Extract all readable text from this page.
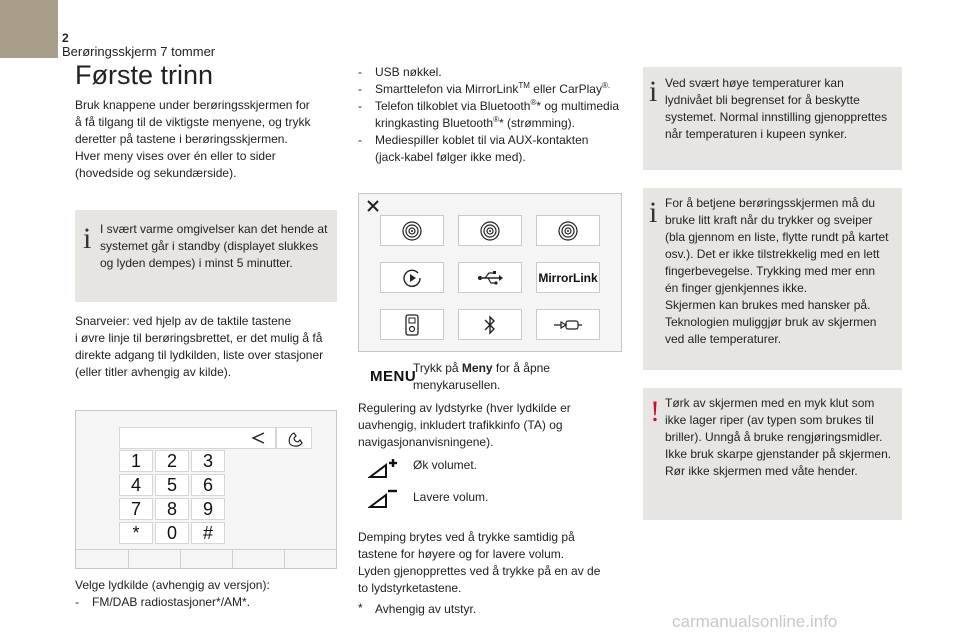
2
Berøringsskjerm 7 tommer
Første trinn
Bruk knappene under berøringsskjermen for
å få tilgang til de viktigste menyene, og trykk
deretter på tastene i berøringsskjermen.
Hver meny vises over én eller to sider
(hovedside og sekundærside).
i I svært varme omgivelser kan det hende at
systemet går i standby (displayet slukkes
og lyden dempes) i minst 5 minutter.
Snarveier: ved hjelp av de taktile tastene
i øvre linje til berøringsbrettet, er det mulig å få
direkte adgang til lydkilden, liste over stasjoner
(eller titler avhengig av kilde).
1	2	3
4	5	6
7	8	9
*	0	#
Velge lydkilde (avhengig av versjon):
- FM/DAB radiostasjoner*/AM*.
- USB nøkkel.
- Smarttelefon via MirrorLink™ eller CarPlay®.
- Telefon tilkoblet via Bluetooth®* og multimedia kringkasting Bluetooth®* (strømming).
- Mediespiller koblet til via AUX-kontakten (jack-kabel følger ikke med).
MirrorLink
MENU
Trykk på Meny for å åpne menykarusellen.
Regulering av lydstyrke (hver lydkilde er
uavhengig, inkludert trafikkinfo (TA) og
navigasjonanvisningene).
Øk volumet.
Lavere volum.
Demping brytes ved å trykke samtidig på
tastene for høyere og for lavere volum.
Lyden gjenopprettes ved å trykke på en av de
to lydstyrketastene.
* Avhengig av utstyr.
i Ved svært høye temperaturer kan
lydnivået bli begrenset for å beskytte
systemet. Normal innstilling gjenopprettes
når temperaturen i kupeen synker.
i For å betjene berøringsskjermen må du
bruke litt kraft når du trykker og sveiper
(bla gjennom en liste, flytte rundt på kartet
osv.). Det er ikke tilstrekkelig med en lett
fingerbevegelse. Trykking med mer enn
én finger gjenkjennes ikke.
Skjermen kan brukes med hansker på.
Teknologien muliggjør bruk av skjermen
ved alle temperaturer.
! Tørk av skjermen med en myk klut som
ikke lager riper (av typen som brukes til
briller). Unngå å bruke rengjøringsmidler.
Ikke bruk skarpe gjenstander på skjermen.
Rør ikke skjermen med våte hender.
carmanualsonline.info
